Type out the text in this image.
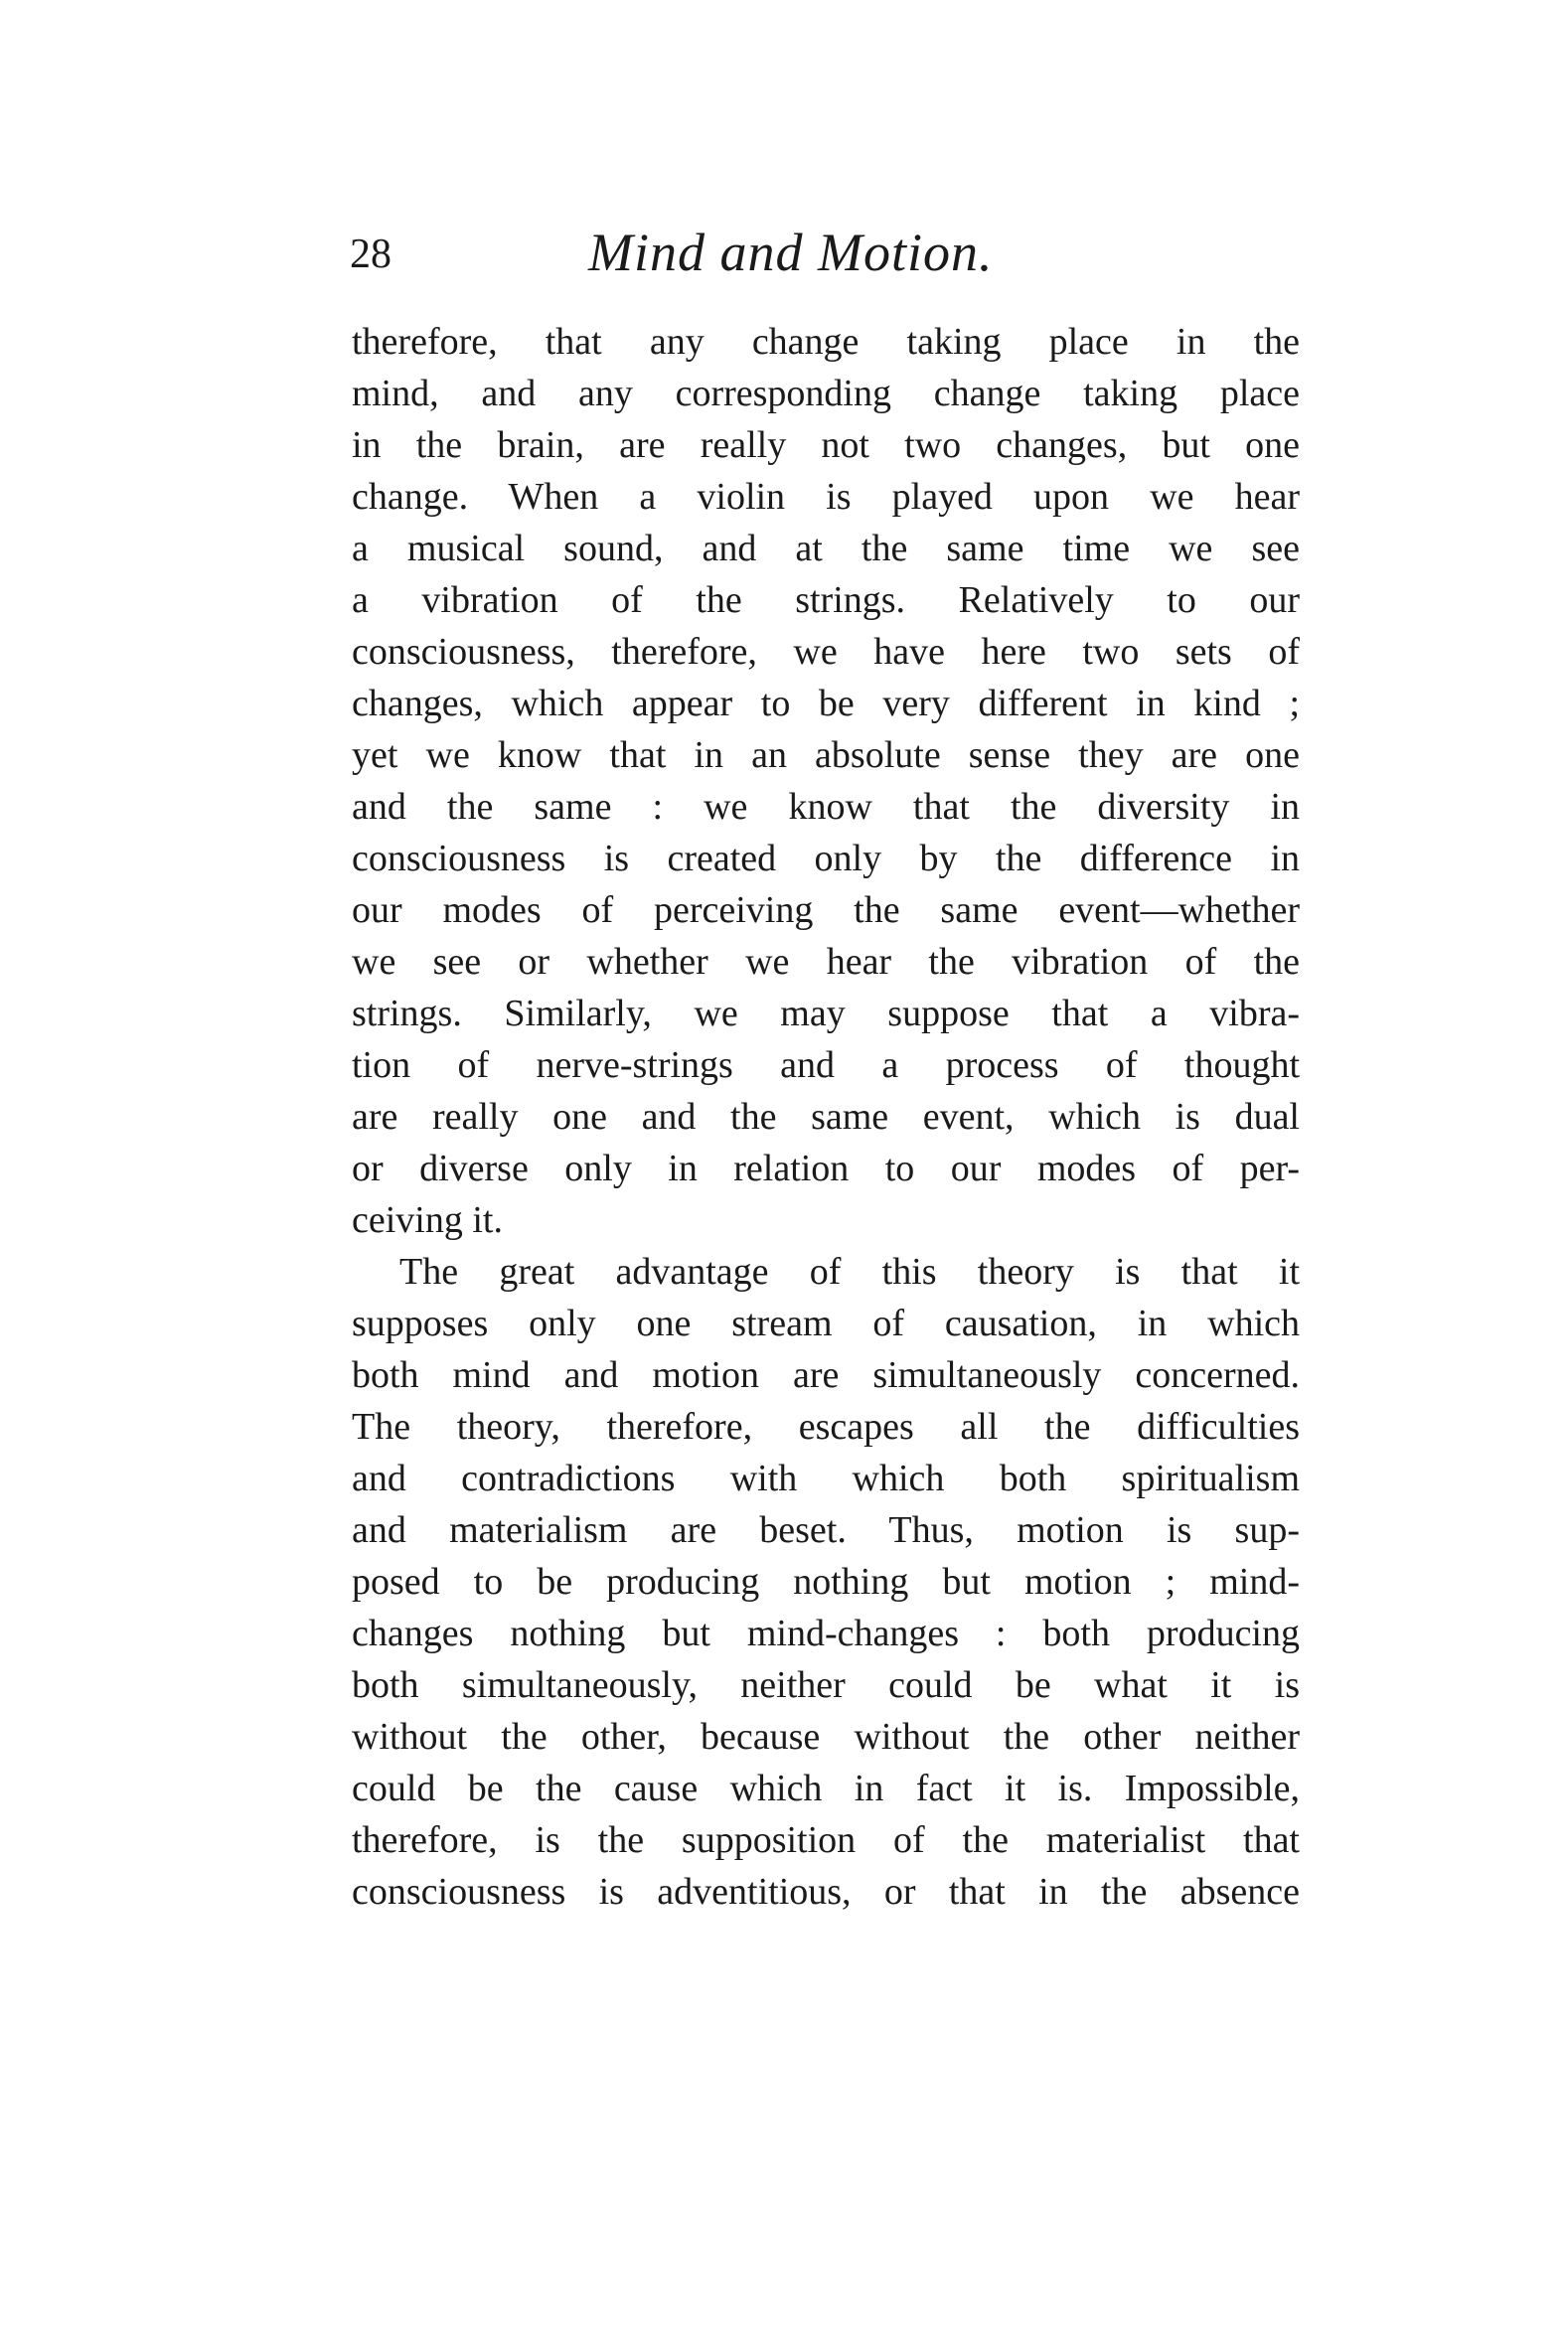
28	Mind and Motion.
therefore, that any change taking place in the
mind, and any corresponding change taking place
in the brain, are really not two changes, but one
change. When a violin is played upon we hear
a musical sound, and at the same time we see
a vibration of the strings. Relatively to our
consciousness, therefore, we have here two sets of
changes, which appear to be very different in kind ;
yet we know that in an absolute sense they are one
and the same : we know that the diversity in
consciousness is created only by the difference in
our modes of perceiving the same event—whether
we see or whether we hear the vibration of the
strings. Similarly, we may suppose that a vibra-
tion of nerve-strings and a process of thought
are really one and the same event, which is dual
or diverse only in relation to our modes of per-
ceiving it.
The great advantage of this theory is that it
supposes only one stream of causation, in which
both mind and motion are simultaneously concerned.
The theory, therefore, escapes all the difficulties
and contradictions with which both spiritualism
and materialism are beset. Thus, motion is sup-
posed to be producing nothing but motion ; mind-
changes nothing but mind-changes : both producing
both simultaneously, neither could be what it is
without the other, because without the other neither
could be the cause which in fact it is. Impossible,
therefore, is the supposition of the materialist that
consciousness is adventitious, or that in the absence
